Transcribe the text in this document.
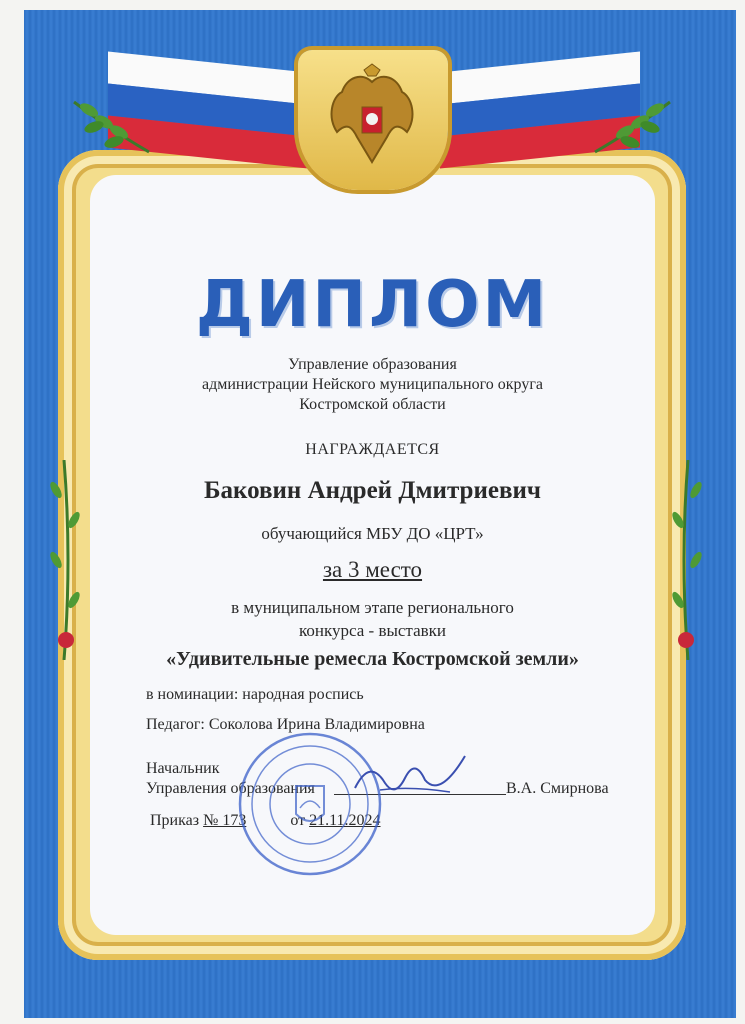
ДИПЛОМ
Управление образования
администрации Нейского муниципального округа
Костромской области
НАГРАЖДАЕТСЯ
Баковин Андрей Дмитриевич
обучающийся МБУ ДО «ЦРТ»
за 3 место
в муниципальном этапе регионального
конкурса - выставки
«Удивительные ремесла Костромской земли»
в номинации: народная роспись
Педагог: Соколова Ирина Владимировна
Начальник
Управления образования	В.А. Смирнова
Приказ № 173	от 21.11.2024
